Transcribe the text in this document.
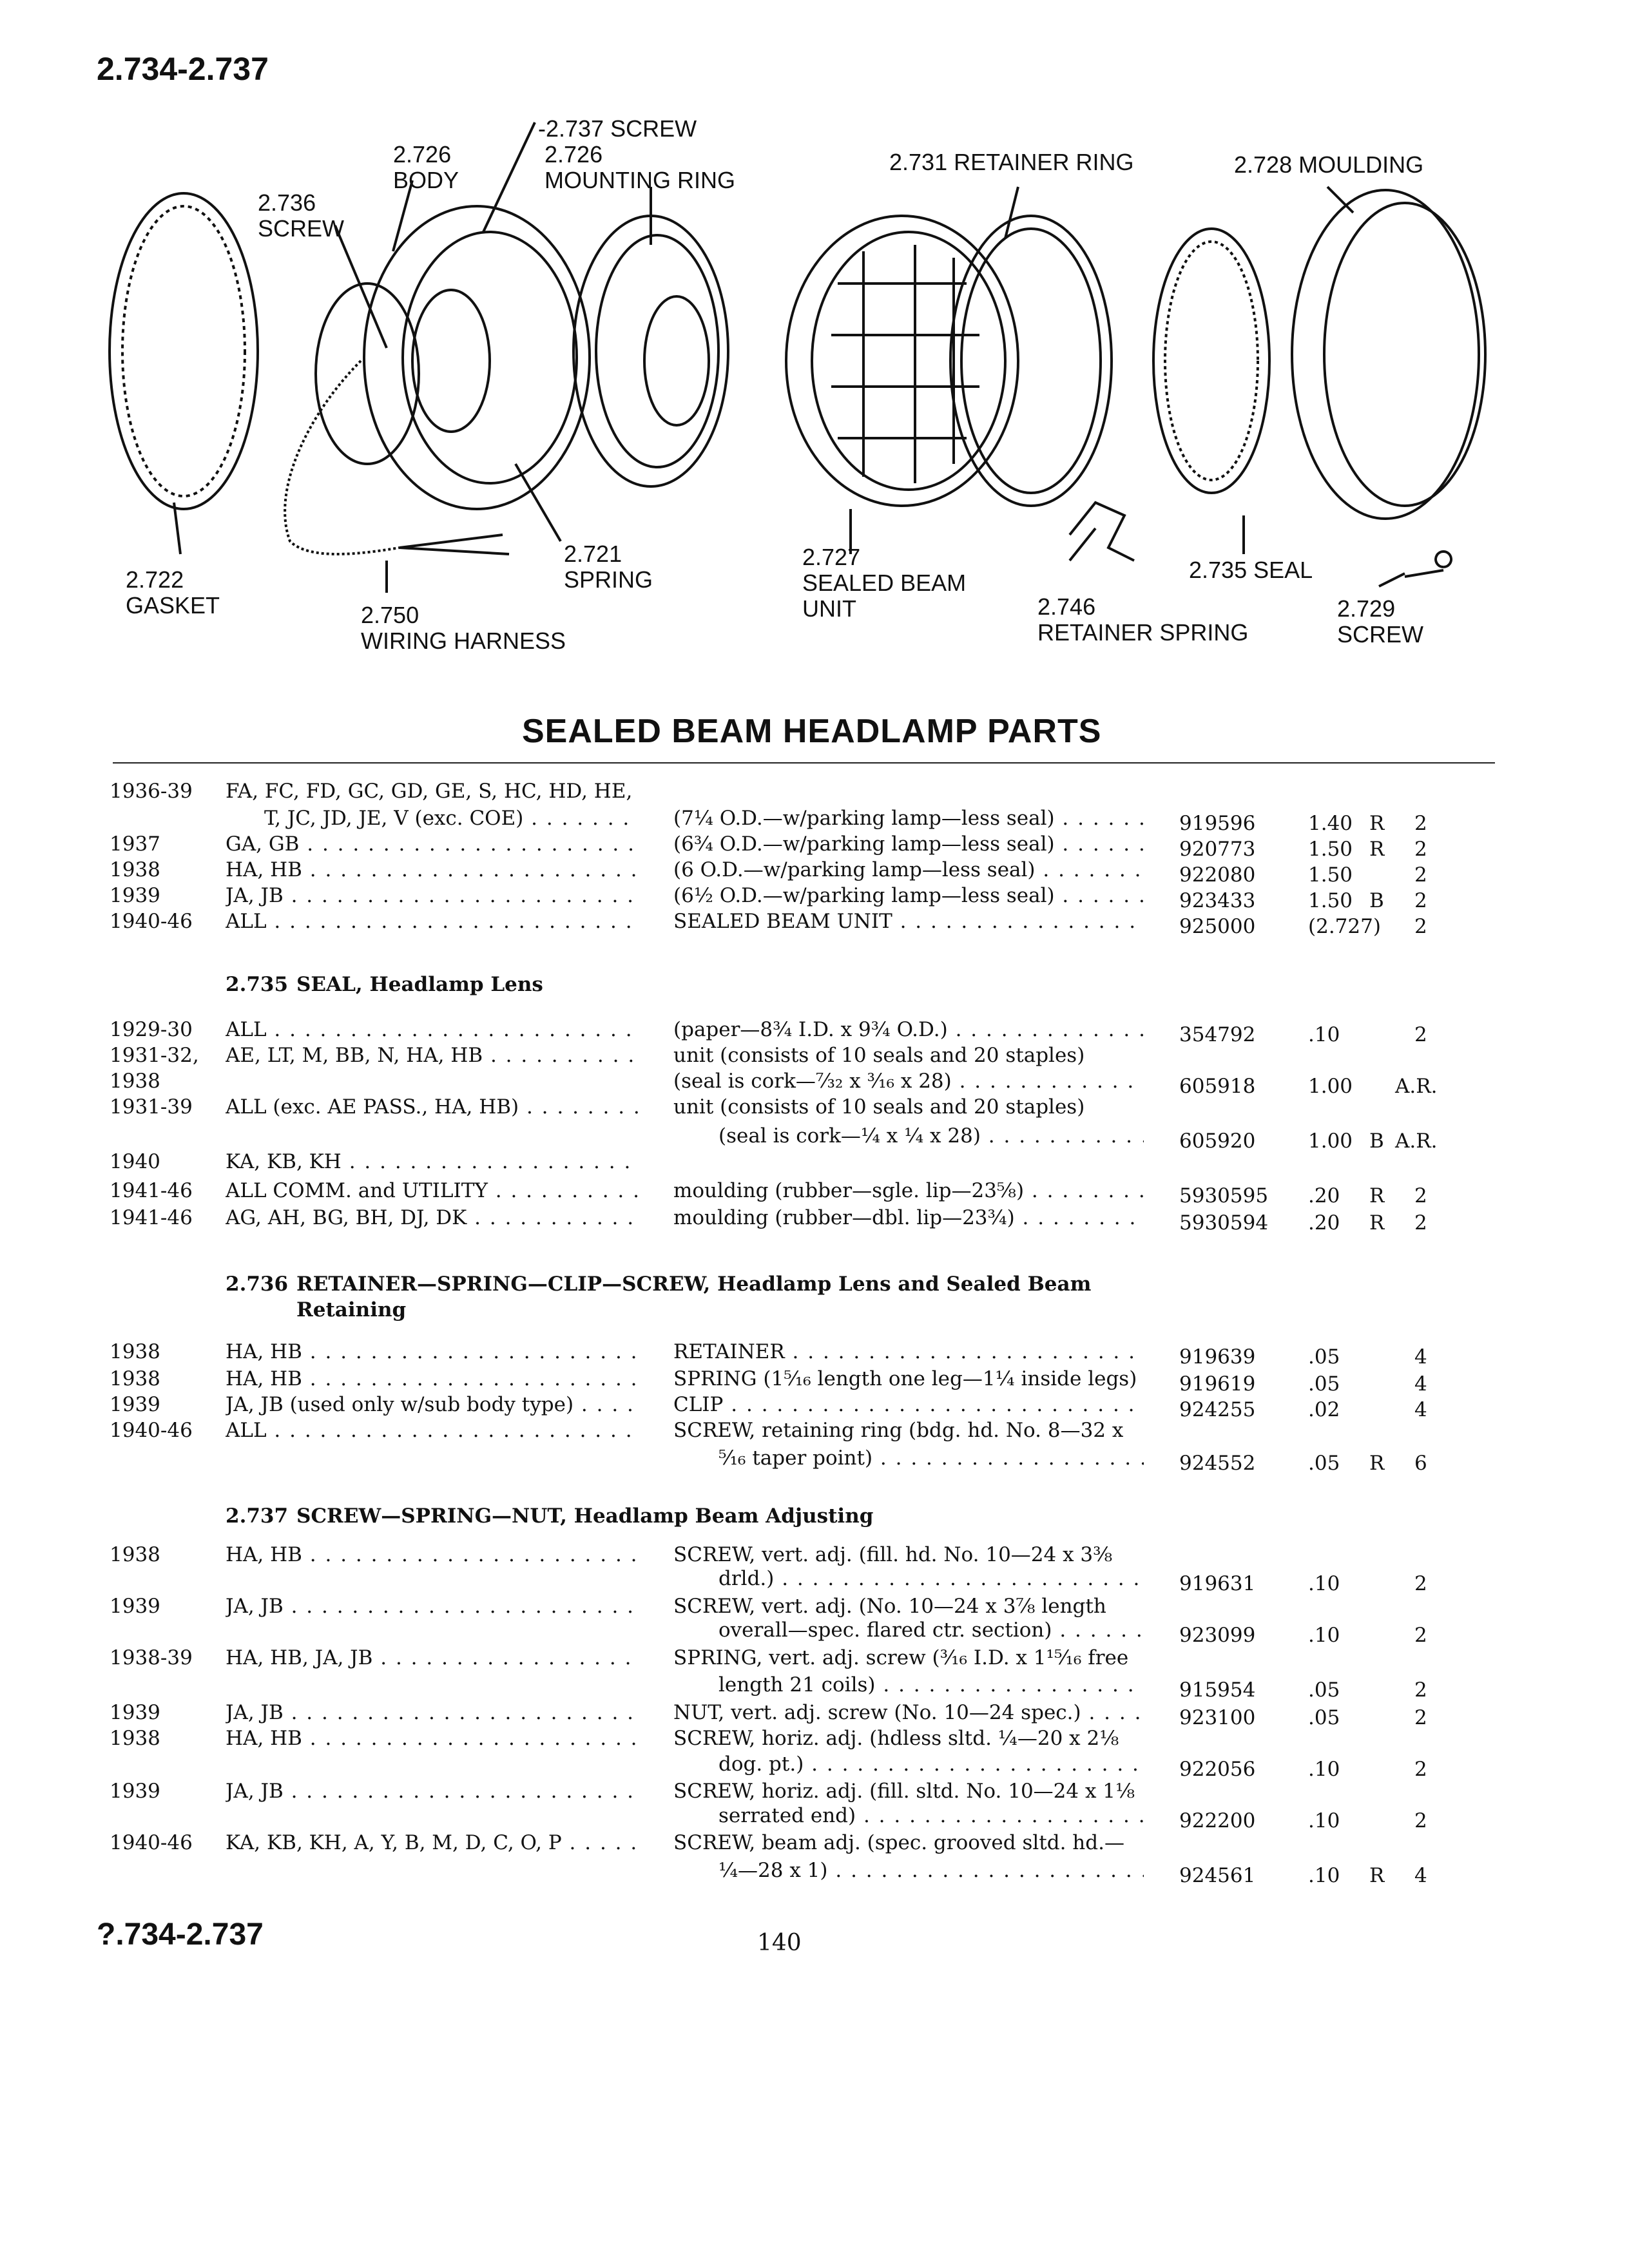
2.734-2.737
-2.737 SCREW
2.726
MOUNTING RING
2.726
BODY
2.736
SCREW
2.731 RETAINER RING	2.728 MOULDING
2.722
GASKET	2.750
WIRING HARNESS
2.721
SPRING
2.727
SEALED BEAM
UNIT	2.746
RETAINER SPRING
2.735 SEAL
2.729
SCREW
SEALED BEAM HEADLAMP PARTS
1936-39 FA, FC, FD, GC, GD, GE, S, HC, HD, HE, . . .
T, JC, JD, JE, V (exc. COE) . . .	(7¼ O.D.—w/parking lamp—less seal) . . .	919596	1.40 R 2
1937	GA, GB . . .	(6¾ O.D.—w/parking lamp—less seal) . . .	920773	1.50 R 2
1938	HA, HB . . .	(6 O.D.—w/parking lamp—less seal) . . .	922080	1.50	2
1939	JA, JB . . .	(6½ O.D.—w/parking lamp—less seal) . . .	923433	1.50 B 2
1940-46 ALL . . .	SEALED BEAM UNIT . . .	925000	(2.727) 2
2.735 SEAL, Headlamp Lens
1929-30 ALL . . .	(paper—8¾ I.D. x 9¾ O.D.) . . .	354792	.10	2
1931-32, AE, LT, M, BB, N, HA, HB . . .	unit (consists of 10 seals and 20 staples)
1938	(seal is cork—⁷⁄₃₂ x ³⁄₁₆ x 28) . . .	605918	1.00 A.R.
1931-39 ALL (exc. AE PASS., HA, HB) . . .	unit (consists of 10 seals and 20 staples)
(seal is cork—¼ x ¼ x 28) . . .	605920	1.00 B A.R.
1940	KA, KB, KH . . .
1941-46 ALL COMM. and UTILITY . . .	moulding (rubber—sgle. lip—23⅝) . . .	5930595 .20 R 2
1941-46 AG, AH, BG, BH, DJ, DK . . .	moulding (rubber—dbl. lip—23¾) . . .	5930594 .20 R 2
2.736 RETAINER—SPRING—CLIP—SCREW, Headlamp Lens and Sealed Beam
Retaining
1938	HA, HB . . .	RETAINER . . .	919639	.05	4
1938	HA, HB . . .	SPRING (1⁵⁄₁₆ length one leg—1¼ inside legs) . . .	919619	.05	4
1939	JA, JB (used only w/sub body type) . . .	CLIP . . .	924255	.02	4
1940-46 ALL . . .	SCREW, retaining ring (bdg. hd. No. 8—32 x
⁵⁄₁₆ taper point) . . .	924552	.05 R 6
2.737 SCREW—SPRING—NUT, Headlamp Beam Adjusting
1938	HA, HB . . .	SCREW, vert. adj. (fill. hd. No. 10—24 x 3⅜
drld.) . . .	919631	.10	2
1939	JA, JB . . .	SCREW, vert. adj. (No. 10—24 x 3⅞ length
overall—spec. flared ctr. section) . . .	923099	.10	2
1938-39 HA, HB, JA, JB . . .	SPRING, vert. adj. screw (³⁄₁₆ I.D. x 1¹⁵⁄₁₆ free
length 21 coils) . . .	915954	.05	2
1939	JA, JB . . .	NUT, vert. adj. screw (No. 10—24 spec.) . . .	923100	.05	2
1938	HA, HB . . .	SCREW, horiz. adj. (hdless sltd. ¼—20 x 2⅛
dog. pt.) . . .	922056	.10	2
1939	JA, JB . . .	SCREW, horiz. adj. (fill. sltd. No. 10—24 x 1⅛
serrated end) . . .	922200	.10	2
1940-46 KA, KB, KH, A, Y, B, M, D, C, O, P . . .	SCREW, beam adj. (spec. grooved sltd. hd.—
¼—28 x 1) . . .	924561	.10 R 4
?.734-2.737	140
